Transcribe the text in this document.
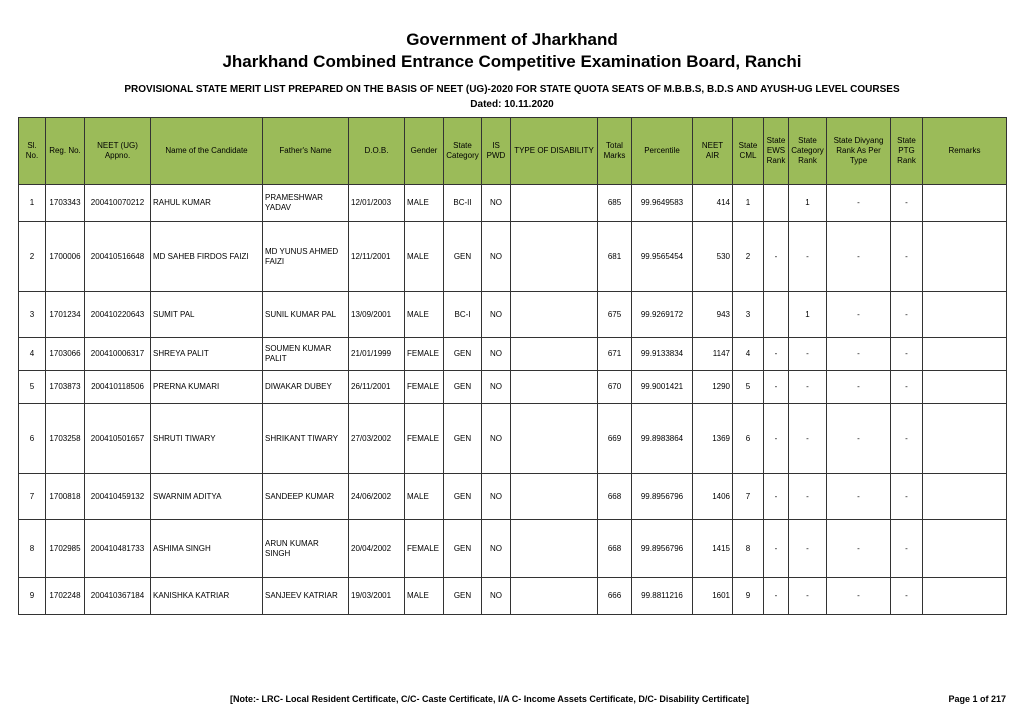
Government of Jharkhand
Jharkhand Combined Entrance Competitive Examination Board, Ranchi
PROVISIONAL STATE MERIT LIST PREPARED ON THE BASIS OF NEET (UG)-2020 FOR STATE QUOTA SEATS OF M.B.B.S, B.D.S AND AYUSH-UG LEVEL COURSES
Dated: 10.11.2020
Sl. No.	Reg. No.	NEET (UG) Appno.	Name of the Candidate	Father's Name	D.O.B.	Gender	State Category	IS PWD	TYPE OF DISABILITY	Total Marks	Percentile	NEET AIR	State CML	State EWS Rank	State Category Rank	State Divyang Rank As Per Type	State PTG Rank	Remarks
1	1703343	200410070212	RAHUL KUMAR	PRAMESHWAR YADAV	12/01/2003	MALE	BC-II	NO		685	99.9649583	414	1		1	-	-	
2	1700006	200410516648	MD SAHEB FIRDOS FAIZI	MD YUNUS AHMED FAIZI	12/11/2001	MALE	GEN	NO		681	99.9565454	530	2	-	-	-	-	
3	1701234	200410220643	SUMIT PAL	SUNIL KUMAR PAL	13/09/2001	MALE	BC-I	NO		675	99.9269172	943	3		1	-	-	
4	1703066	200410006317	SHREYA PALIT	SOUMEN KUMAR PALIT	21/01/1999	FEMALE	GEN	NO		671	99.9133834	1147	4	-	-	-	-	
5	1703873	200410118506	PRERNA KUMARI	DIWAKAR DUBEY	26/11/2001	FEMALE	GEN	NO		670	99.9001421	1290	5	-	-	-	-	
6	1703258	200410501657	SHRUTI TIWARY	SHRIKANT TIWARY	27/03/2002	FEMALE	GEN	NO		669	99.8983864	1369	6	-	-	-	-	
7	1700818	200410459132	SWARNIM ADITYA	SANDEEP KUMAR	24/06/2002	MALE	GEN	NO		668	99.8956796	1406	7	-	-	-	-	
8	1702985	200410481733	ASHIMA SINGH	ARUN KUMAR SINGH	20/04/2002	FEMALE	GEN	NO		668	99.8956796	1415	8	-	-	-	-	
9	1702248	200410367184	KANISHKA KATRIAR	SANJEEV KATRIAR	19/03/2001	MALE	GEN	NO		666	99.8811216	1601	9	-	-	-	-	
[Note:- LRC- Local Resident Certificate, C/C- Caste Certificate, I/A C- Income Assets Certificate, D/C- Disability Certificate]	Page 1 of 217
